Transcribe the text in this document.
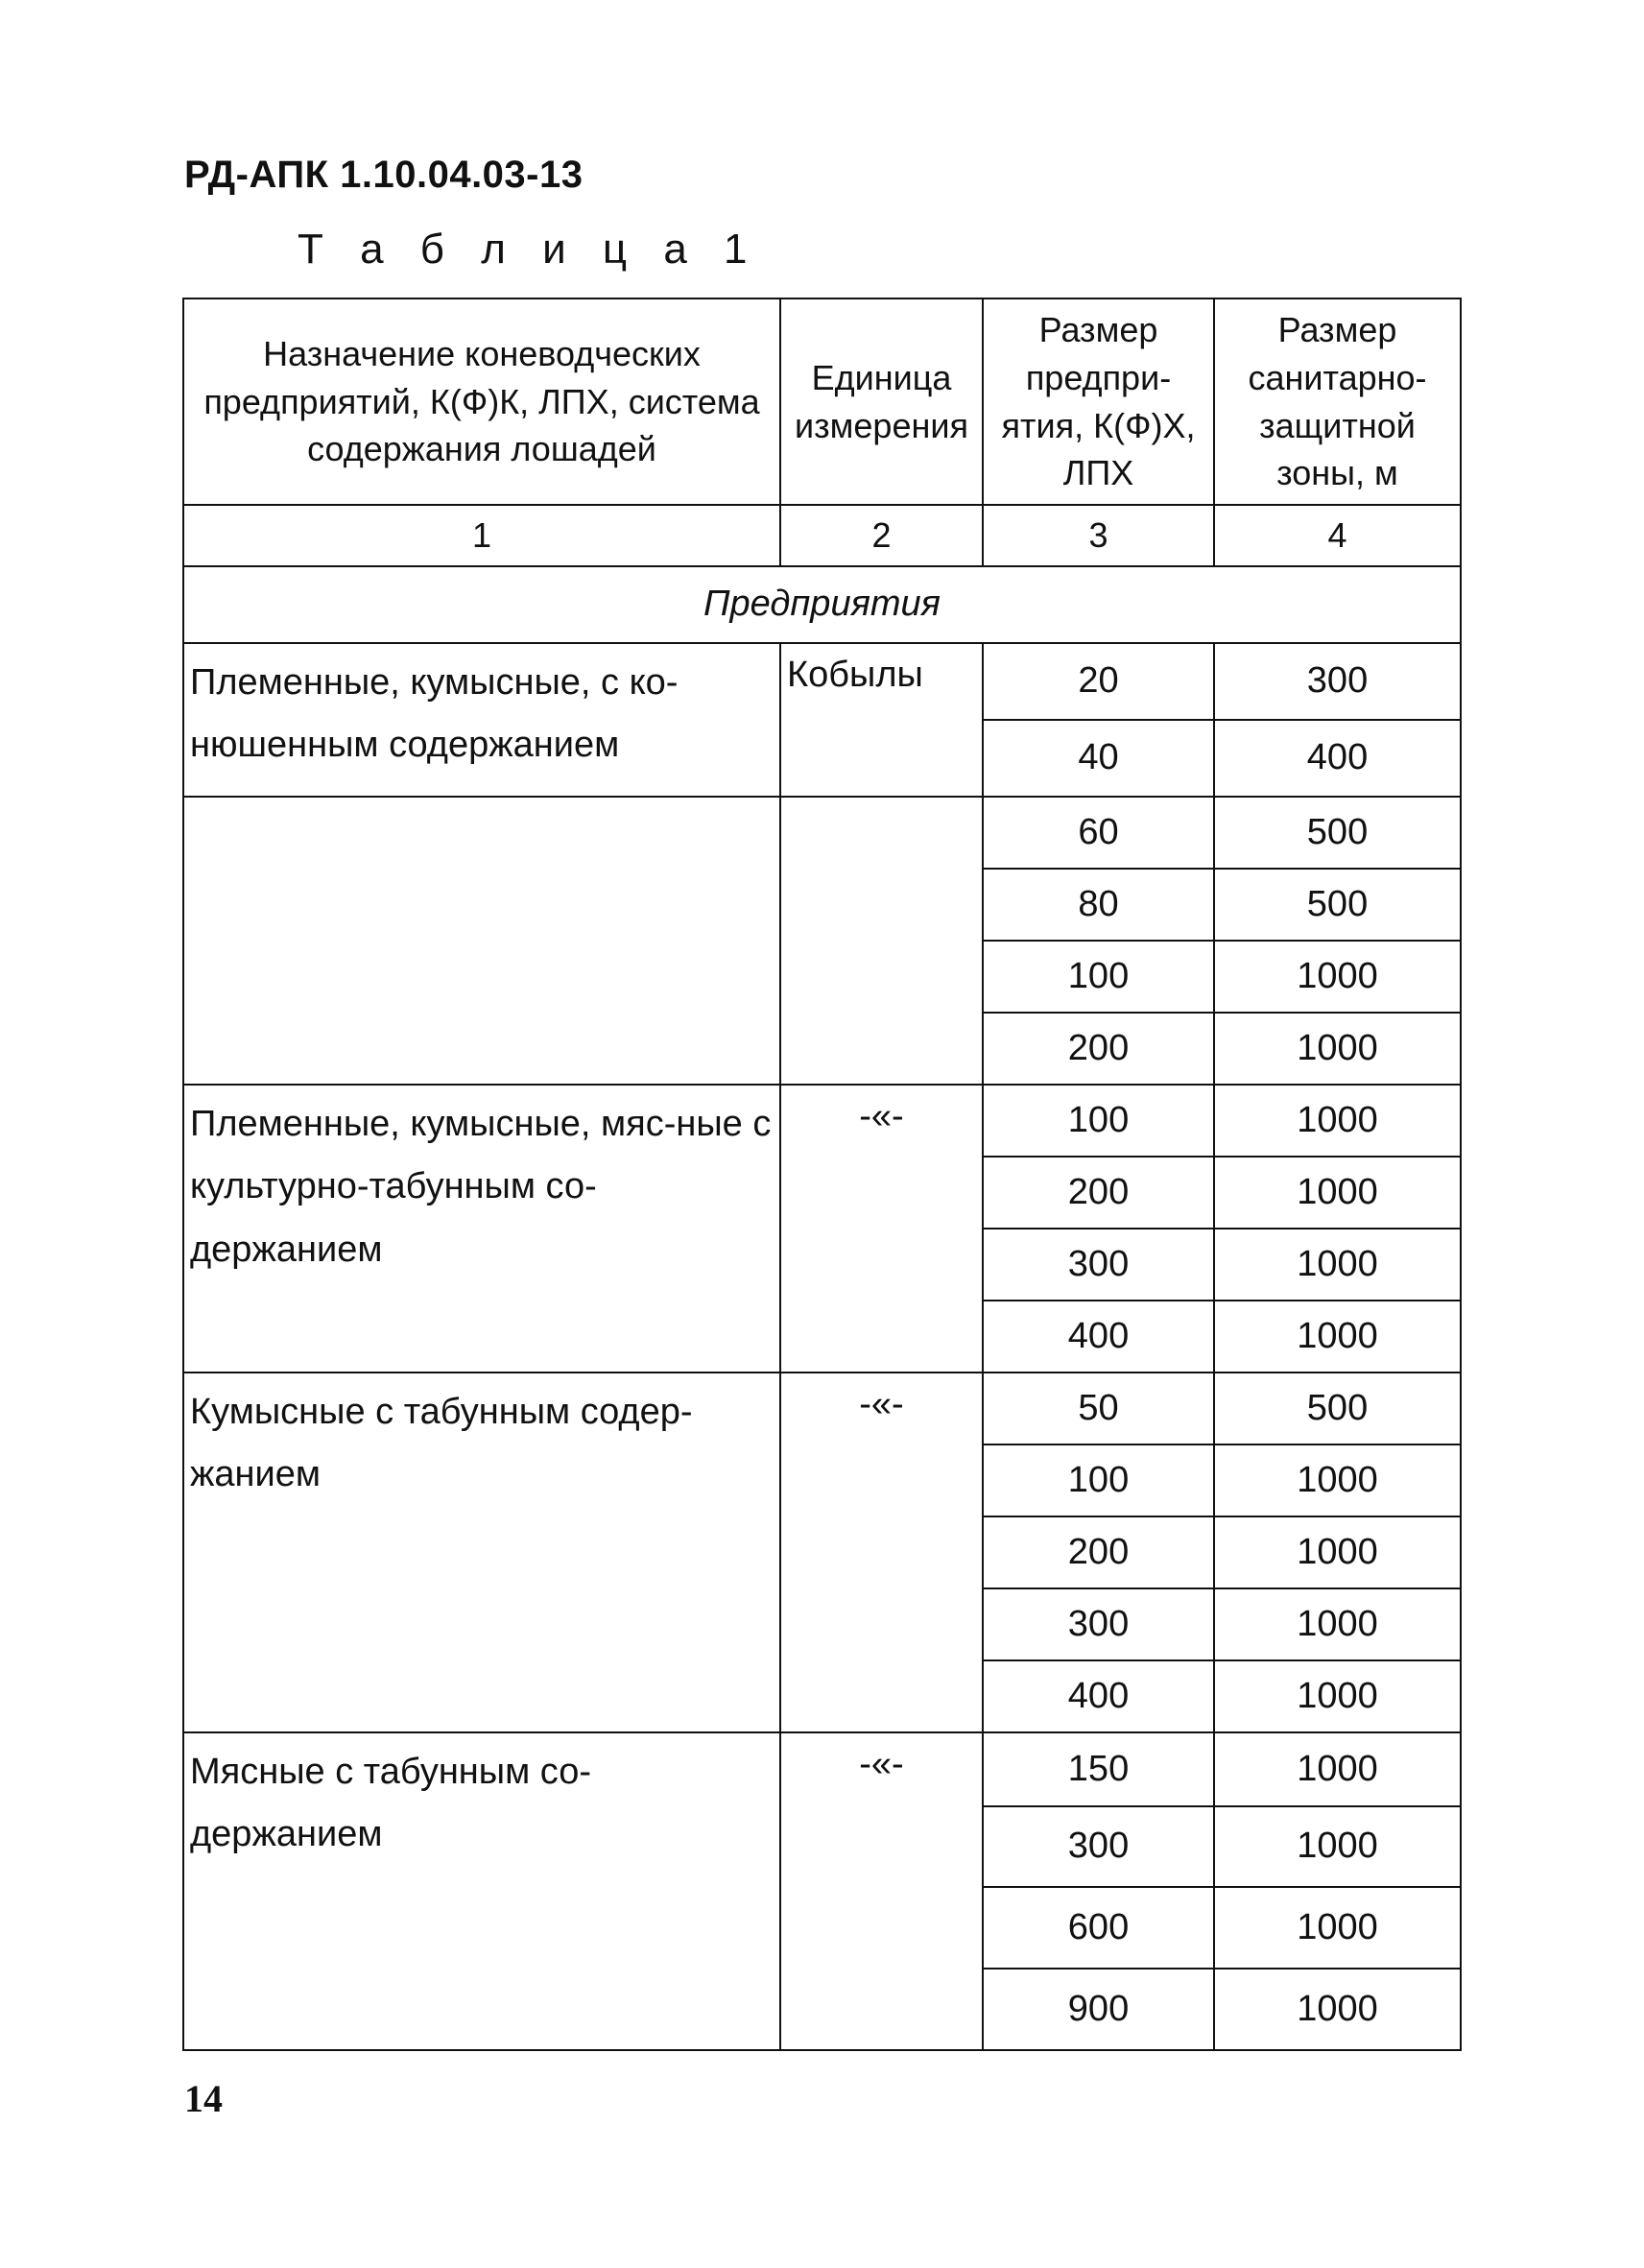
РД-АПК 1.10.04.03-13
Т а б л и ц а 1
Назначение коневодческих предприятий, К(Ф)К, ЛПХ, система содержания лошадей	Единица измерения	Размер предпри-ятия, К(Ф)Х, ЛПХ	Размер санитарно-защитной зоны, м
1	2	3	4
Предприятия			
Племенные, кумысные, с ко-нюшенным содержанием	Кобылы	20	300
		40	400
		60	500
		80	500
		100	1000
		200	1000
Племенные, кумысные, мяс-ные с культурно-табунным со-держанием	-«-	100	1000
		200	1000
		300	1000
		400	1000
Кумысные с табунным содер-жанием	-«-	50	500
		100	1000
		200	1000
		300	1000
		400	1000
Мясные с табунным со-держанием	-«-	150	1000
		300	1000
		600	1000
		900	1000
14
